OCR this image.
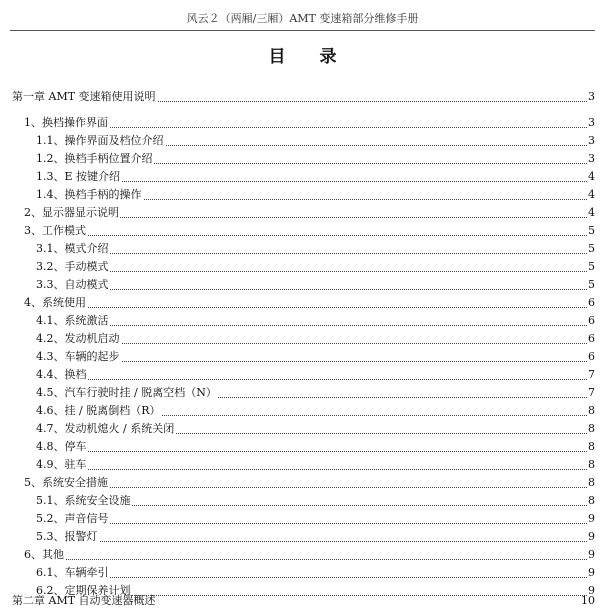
风云２（两厢/三厢）AMT 变速箱部分维修手册
目 录
第一章 AMT 变速箱使用说明	3
1、换档操作界面	3
1.1、操作界面及档位介绍	3
1.2、换档手柄位置介绍	3
1.3、E 按键介绍	4
1.4、换档手柄的操作	4
2、显示器显示说明	4
3、工作模式	5
3.1、模式介绍	5
3.2、手动模式	5
3.3、自动模式	5
4、系统使用	6
4.1、系统激活	6
4.2、发动机启动	6
4.3、车辆的起步	6
4.4、换档	7
4.5、汽车行驶时挂 / 脱离空档（N）	7
4.6、挂 / 脱离倒档（R）	8
4.7、发动机熄火 / 系统关闭	8
4.8、停车	8
4.9、驻车	8
5、系统安全措施	8
5.1、系统安全设施	8
5.2、声音信号	9
5.3、报警灯	9
6、其他	9
6.1、车辆牵引	9
6.2、定期保养计划	9
第二章 AMT 自动变速器概述	10
